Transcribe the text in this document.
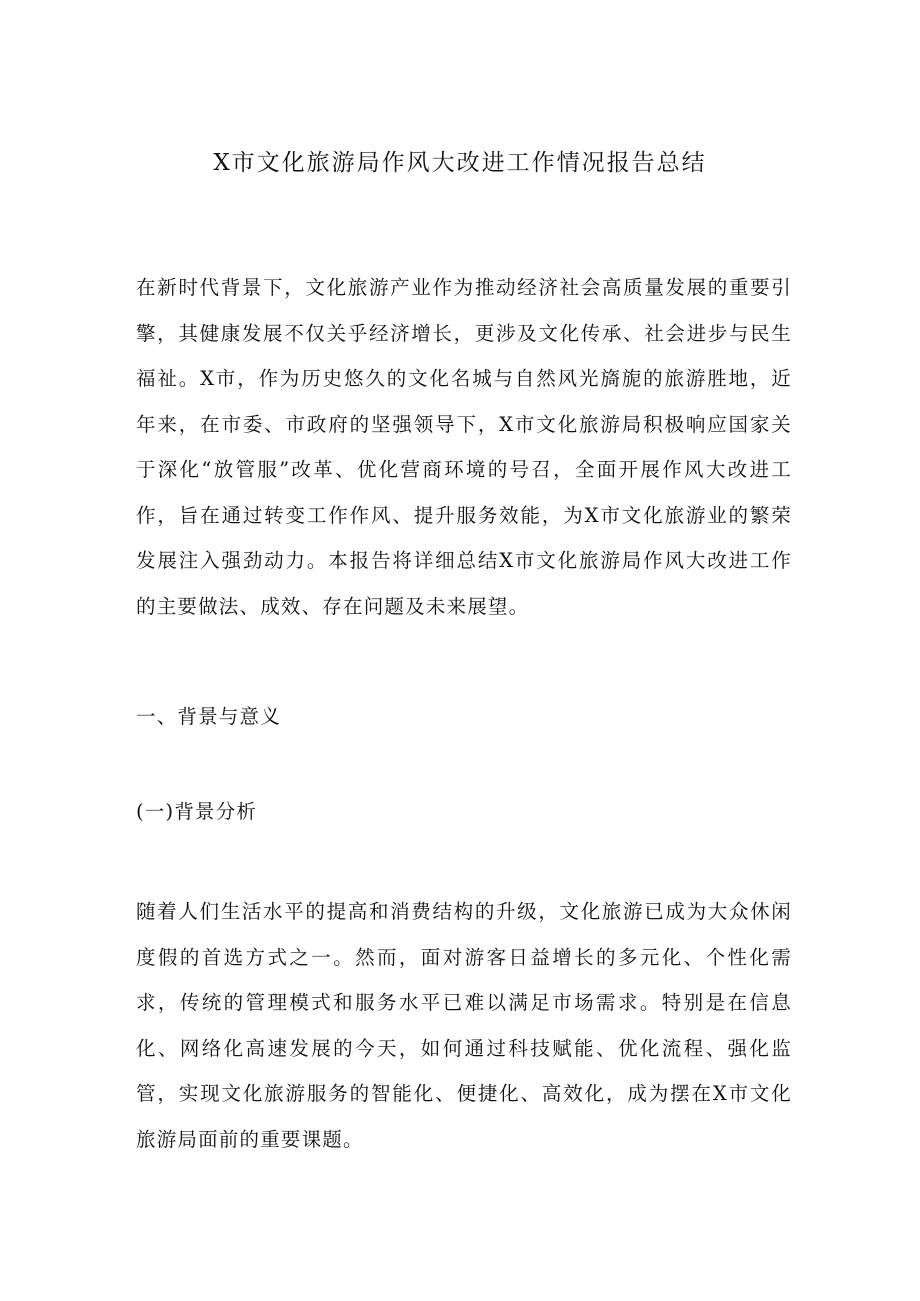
X市文化旅游局作风大改进工作情况报告总结

在新时代背景下，文化旅游产业作为推动经济社会高质量发展的重要引擎，其健康发展不仅关乎经济增长，更涉及文化传承、社会进步与民生福祉。X市，作为历史悠久的文化名城与自然风光旖旎的旅游胜地，近年来，在市委、市政府的坚强领导下，X市文化旅游局积极响应国家关于深化“放管服”改革、优化营商环境的号召，全面开展作风大改进工作，旨在通过转变工作作风、提升服务效能，为X市文化旅游业的繁荣发展注入强劲动力。本报告将详细总结X市文化旅游局作风大改进工作的主要做法、成效、存在问题及未来展望。

一、背景与意义
(一)背景分析

随着人们生活水平的提高和消费结构的升级，文化旅游已成为大众休闲度假的首选方式之一。然而，面对游客日益增长的多元化、个性化需求，传统的管理模式和服务水平已难以满足市场需求。特别是在信息化、网络化高速发展的今天，如何通过科技赋能、优化流程、强化监管，实现文化旅游服务的智能化、便捷化、高效化，成为摆在X市文化旅游局面前的重要课题。
